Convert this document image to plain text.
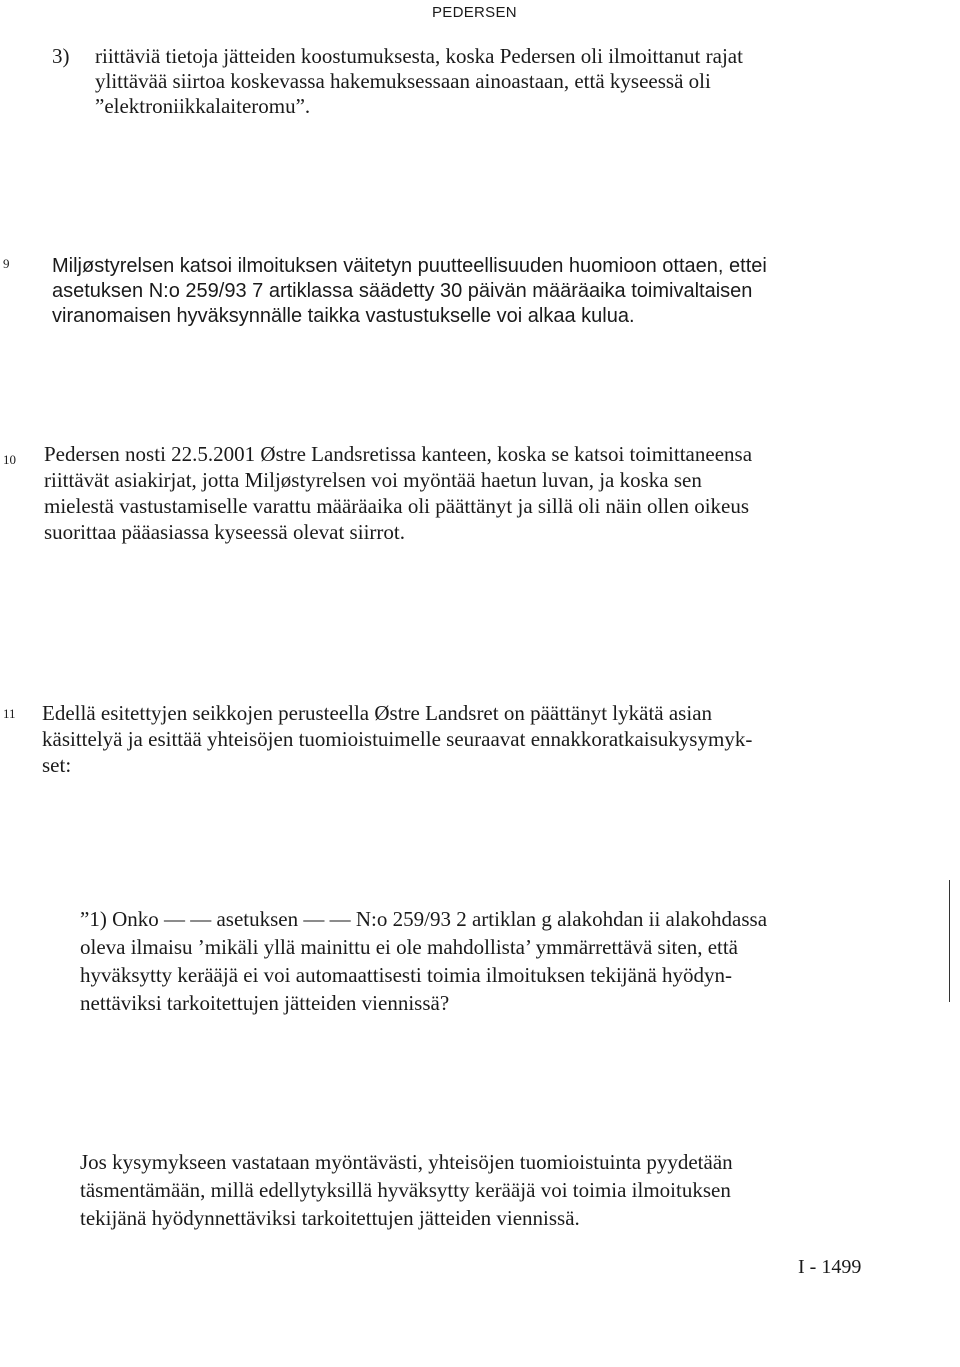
PEDERSEN
3) riittäviä tietoja jätteiden koostumuksesta, koska Pedersen oli ilmoittanut rajat
ylittävää siirtoa koskevassa hakemuksessaan ainoastaan, että kyseessä oli
”elektroniikkalaiteromu”.
9 Miljøstyrelsen katsoi ilmoituksen väitetyn puutteellisuuden huomioon ottaen, ettei
asetuksen N:o 259/93 7 artiklassa säädetty 30 päivän määräaika toimivaltaisen
viranomaisen hyväksynnälle taikka vastustukselle voi alkaa kulua.
10 Pedersen nosti 22.5.2001 Østre Landsretissa kanteen, koska se katsoi toimittaneensa
riittävät asiakirjat, jotta Miljøstyrelsen voi myöntää haetun luvan, ja koska sen
mielestä vastustamiselle varattu määräaika oli päättänyt ja sillä oli näin ollen oikeus
suorittaa pääasiassa kyseessä olevat siirrot.
11 Edellä esitettyjen seikkojen perusteella Østre Landsret on päättänyt lykätä asian
käsittelyä ja esittää yhteisöjen tuomioistuimelle seuraavat ennakkoratkaisukysymyk-
set:
”1) Onko — — asetuksen — — N:o 259/93 2 artiklan g alakohdan ii alakohdassa
oleva ilmaisu ’mikäli yllä mainittu ei ole mahdollista’ ymmärrettävä siten, että
hyväksytty kerääjä ei voi automaattisesti toimia ilmoituksen tekijänä hyödyn-
nettäviksi tarkoitettujen jätteiden viennissä?
Jos kysymykseen vastataan myöntävästi, yhteisöjen tuomioistuinta pyydetään
täsmentämään, millä edellytyksillä hyväksytty kerääjä voi toimia ilmoituksen
tekijänä hyödynnettäviksi tarkoitettujen jätteiden viennissä.
I - 1499
